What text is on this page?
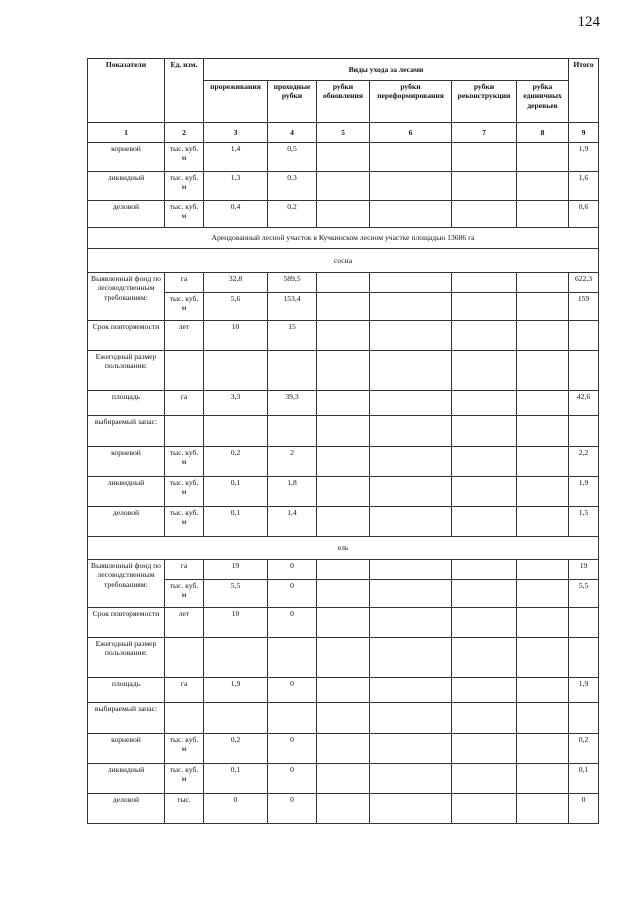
124
Показатели	Ед. изм.	Виды ухода за лесами						Итого
		прореживания	проходные рубки	рубки обновления	рубки переформирования	рубки реконструкции	рубка единичных деревьев	
1	2	3	4	5	6	7	8	9
корневой	тыс. куб. м	1,4	0,5					1,9
ликвидный	тыс. куб. м	1,3	0,3					1,6
деловой	тыс. куб. м	0,4	0,2					0,6
Арендованный лесной участок в Кучкинском лесном участке площадью 13686 га								
сосна								
Выявленный фонд по лесоводственным требованиям:	га	32,8	589,5					622,3
	тыс. куб. м	5,6	153,4					159
Срок повторяемости	лет	10	15					
Ежегодный размер пользования:								
площадь	га	3,3	39,3					42,6
выбираемый запас:								
корневой	тыс. куб. м	0,2	2					2,2
ликвидный	тыс. куб. м	0,1	1,8					1,9
деловой	тыс. куб. м	0,1	1,4					1,5
ель								
Выявленный фонд по лесоводственным требованиям:	га	19	0					19
	тыс. куб. м	5,5	0					5,5
Срок повторяемости	лет	10	0					
Ежегодный размер пользования:								
площадь	га	1,9	0					1,9
выбираемый запас:								
корневой	тыс. куб. м	0,2	0					0,2
ликвидный	тыс. куб. м	0,1	0					0,1
деловой	тыс.	0	0					0
